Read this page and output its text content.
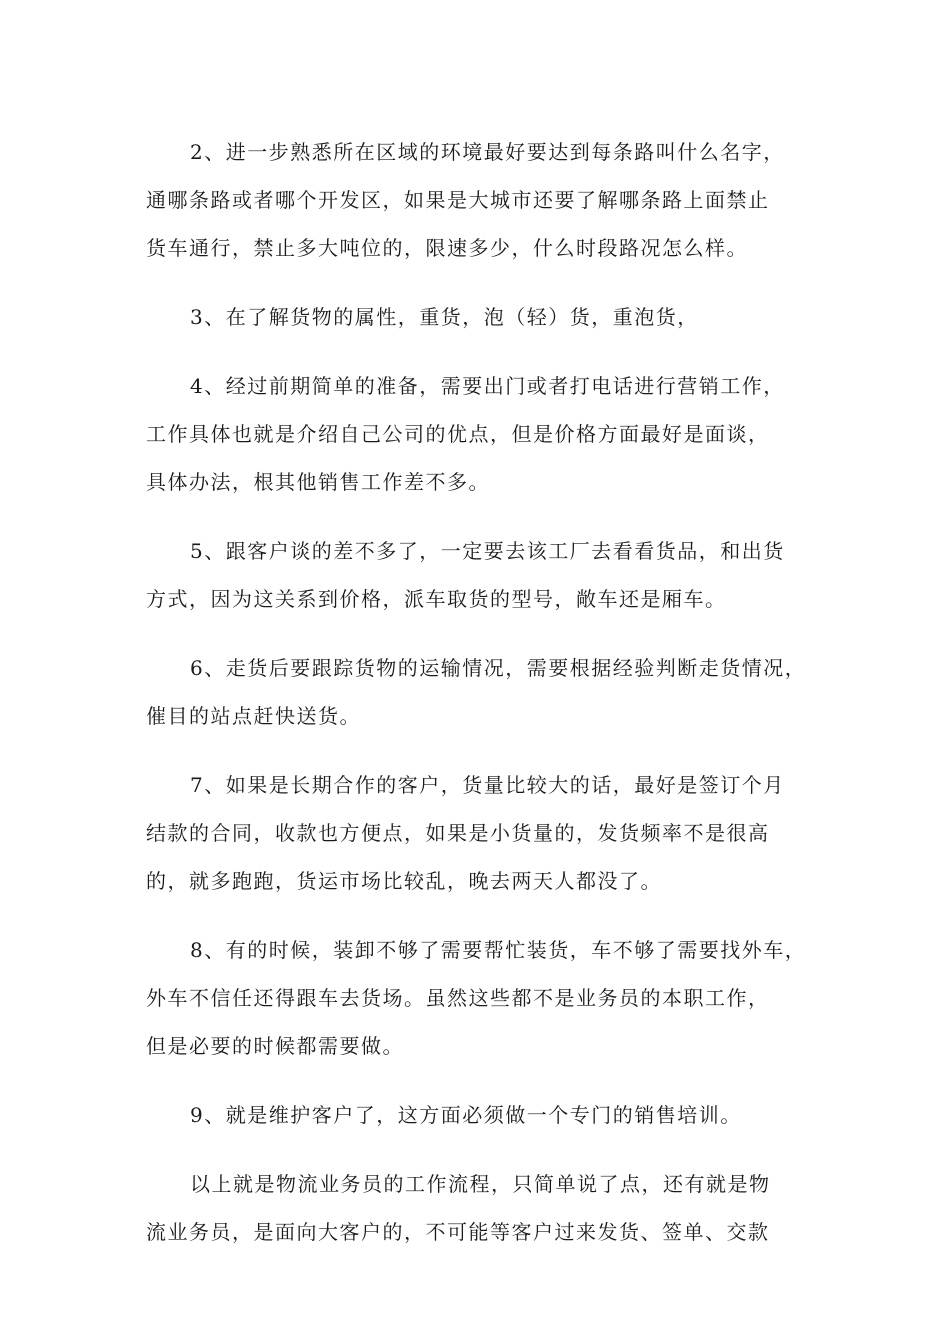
2、进一步熟悉所在区域的环境最好要达到每条路叫什么名字，
通哪条路或者哪个开发区，如果是大城市还要了解哪条路上面禁止
货车通行，禁止多大吨位的，限速多少，什么时段路况怎么样。
3、在了解货物的属性，重货，泡（轻）货，重泡货，
4、经过前期简单的准备，需要出门或者打电话进行营销工作，
工作具体也就是介绍自己公司的优点，但是价格方面最好是面谈，
具体办法，根其他销售工作差不多。
5、跟客户谈的差不多了，一定要去该工厂去看看货品，和出货
方式，因为这关系到价格，派车取货的型号，敞车还是厢车。
6、走货后要跟踪货物的运输情况，需要根据经验判断走货情况，
催目的站点赶快送货。
7、如果是长期合作的客户，货量比较大的话，最好是签订个月
结款的合同，收款也方便点，如果是小货量的，发货频率不是很高
的，就多跑跑，货运市场比较乱，晚去两天人都没了。
8、有的时候，装卸不够了需要帮忙装货，车不够了需要找外车，
外车不信任还得跟车去货场。虽然这些都不是业务员的本职工作，
但是必要的时候都需要做。
9、就是维护客户了，这方面必须做一个专门的销售培训。
以上就是物流业务员的工作流程，只简单说了点，还有就是物
流业务员，是面向大客户的，不可能等客户过来发货、签单、交款
